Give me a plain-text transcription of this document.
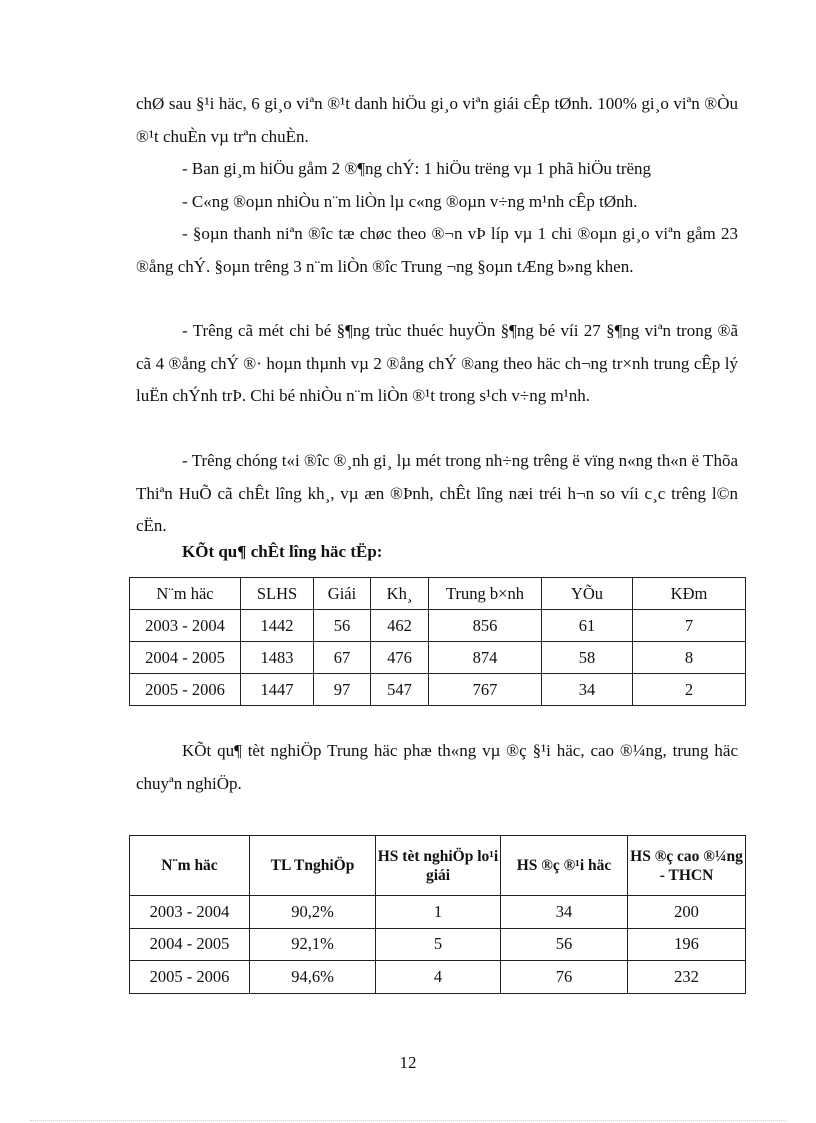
chØ sau §¹i häc, 6 gi¸o viªn ®¹t danh hiÖu gi¸o viªn giái cÊp tØnh. 100% gi¸o viªn ®Òu ®¹t chuÈn vµ trªn chuÈn.

- Ban gi¸m hiÖu gåm 2 ®¶ng chÝ: 1 hiÖu trëng vµ 1 phã hiÖu trëng

- C«ng ®oµn nhiÒu n¨m liÒn lµ c«ng ®oµn v÷ng m¹nh cÊp tØnh.

- §oµn thanh niªn ®îc tæ chøc theo ®¬n vÞ líp vµ 1 chi ®oµn gi¸o viªn gåm 23 ®ång chÝ. §oµn trêng 3 n¨m liÒn ®îc Trung ¬ng §oµn tÆng b»ng khen.

- Trêng cã mét chi bé §¶ng trùc thuéc huyÖn §¶ng bé víi 27 §¶ng viªn trong ®ã cã 4 ®ång chÝ ®· hoµn thµnh vµ 2 ®ång chÝ ®ang theo häc ch¬ng tr×nh trung cÊp lý luËn chÝnh trÞ. Chi bé nhiÒu n¨m liÒn ®¹t trong s¹ch v÷ng m¹nh.

- Trêng chóng t«i ®îc ®¸nh gi¸ lµ mét trong nh÷ng trêng ë vïng n«ng th«n ë Thõa Thiªn HuÕ cã chÊt lîng kh¸, vµ æn ®Þnh, chÊt lîng næi tréi h¬n so víi c¸c trêng l©n cËn.

KÕt qu¶ chÊt lîng häc tËp:

N¨m häc	SLHS	Giái	Kh¸	Trung b×nh	YÕu	KÐm
2003 - 2004	1442	56	462	856	61	7
2004 - 2005	1483	67	476	874	58	8
2005 - 2006	1447	97	547	767	34	2

KÕt qu¶ tèt nghiÖp Trung häc phæ th«ng vµ ®ç §¹i häc, cao ®¼ng, trung häc chuyªn nghiÖp.

N¨m häc	TL TnghiÖp	HS tèt nghiÖp lo¹i giái	HS ®ç ®¹i häc	HS ®ç cao ®¼ng - THCN
2003 - 2004	90,2%	1	34	200
2004 - 2005	92,1%	5	56	196
2005 - 2006	94,6%	4	76	232
12
